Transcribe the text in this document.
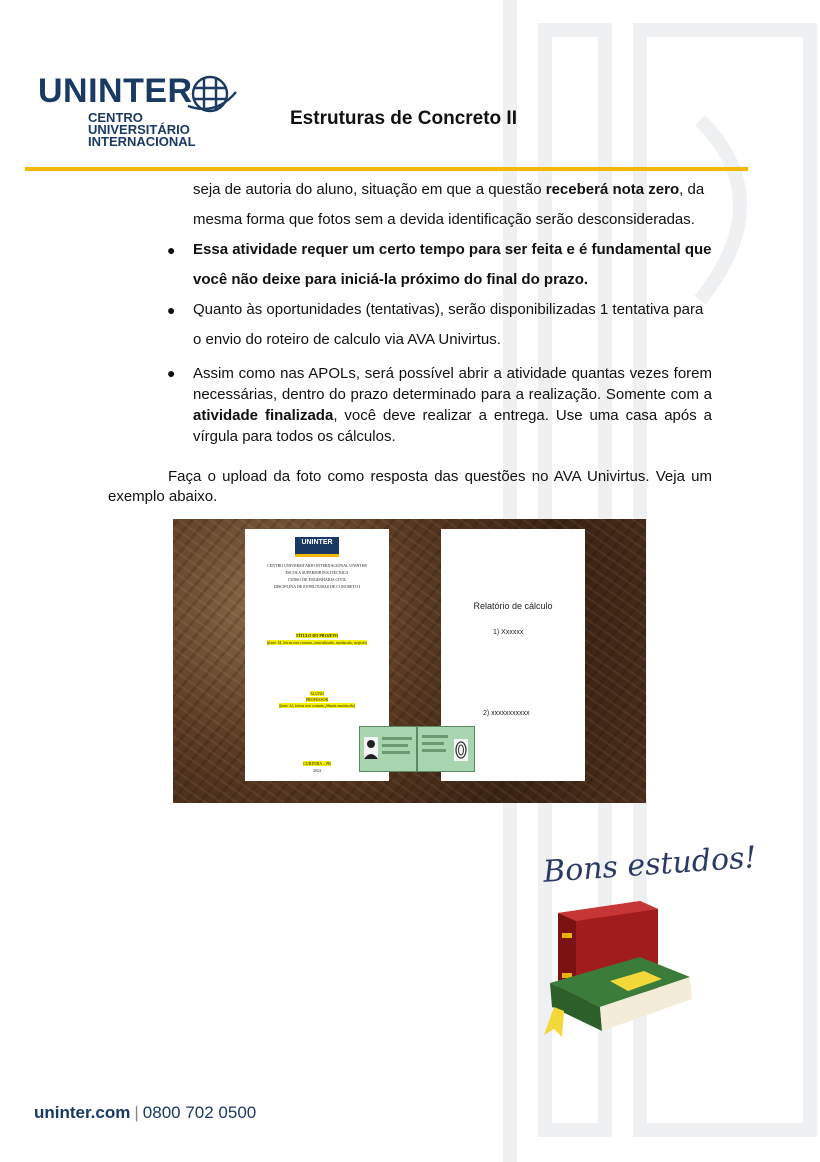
UNINTER
CENTRO
UNIVERSITÁRIO
INTERNACIONAL
Estruturas de Concreto II
seja de autoria do aluno, situação em que a questão receberá nota zero, da
mesma forma que fotos sem a devida identificação serão desconsideradas.
● Essa atividade requer um certo tempo para ser feita e é fundamental que
você não deixe para iniciá-la próximo do final do prazo.
● Quanto às oportunidades (tentativas), serão disponibilizadas 1 tentativa para
o envio do roteiro de calculo via AVA Univirtus.
● Assim como nas APOLs, será possível abrir a atividade quantas vezes forem necessárias, dentro do prazo determinado para a realização. Somente com a atividade finalizada, você deve realizar a entrega. Use uma casa após a vírgula para todos os cálculos.
Faça o upload da foto como resposta das questões no AVA Univirtus. Veja um exemplo abaixo.
UNINTER
CENTRO UNIVERSITÁRIO INTERNACIONAL UNINTER
ESCOLA SUPERIOR POLITÉCNICA
CURSO DE ENGENHARIA CIVIL
DISCIPLINA DE ESTRUTURAS DE CONCRETO I
TÍTULO DO PROJETO
(fonte 14, letras tem comum, centralizado, maiúsculo, negrito)
ALUNO
PROFESSOR
(fonte 12, letras tem comum, filmais maiúsculo)
CURITIBA – PR
2024
Relatório de cálculo
1) Xxxxxx
2) xxxxxxxxxxx
Bons estudos!
uninter.com | 0800 702 0500
